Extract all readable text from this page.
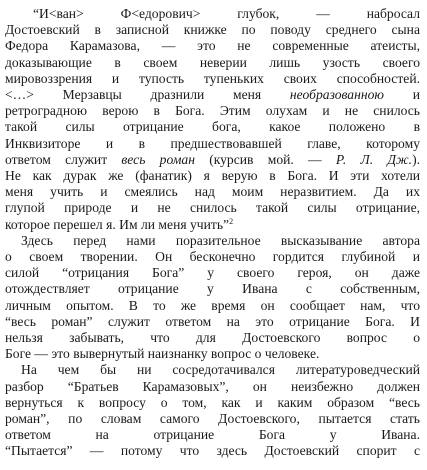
“И<ван> Ф<едорович> глубок, — набросал
Достоевский в записной книжке по поводу среднего сына
Федора Карамазова, — это не современные атеисты,
доказывающие в своем неверии лишь узость своего
мировоззрения и тупость тупеньких своих способностей.
<…> Мерзавцы дразнили меня необразованною и
ретроградною верою в Бога. Этим олухам и не снилось
такой силы отрицание бога, какое положено в
Инквизиторе и в предшествовавшей главе, которому
ответом служит весь роман (курсив мой. — Р. Л. Дж.).
Не как дурак же (фанатик) я верую в Бога. И эти хотели
меня учить и смеялись над моим неразвитием. Да их
глупой природе и не снилось такой силы отрицание,
которое перешел я. Им ли меня учить”$^2$
Здесь перед нами поразительное высказывание автора
о своем творении. Он бесконечно гордится глубиной и
силой “отрицания Бога” у своего героя, он даже
отождествляет отрицание у Ивана с собственным,
личным опытом. В то же время он сообщает нам, что
“весь роман” служит ответом на это отрицание Бога. И
нельзя забывать, что для Достоевского вопрос о
Боге — это вывернутый наизнанку вопрос о человеке.
На чем бы ни сосредотачивался литературоведческий
разбор “Братьев Карамазовых”, он неизбежно должен
вернуться к вопросу о том, как и каким образом “весь
роман”, по словам самого Достоевского, пытается стать
ответом на отрицание Бога у Ивана.
“Пытается” — потому что здесь Достоевский спорит с
